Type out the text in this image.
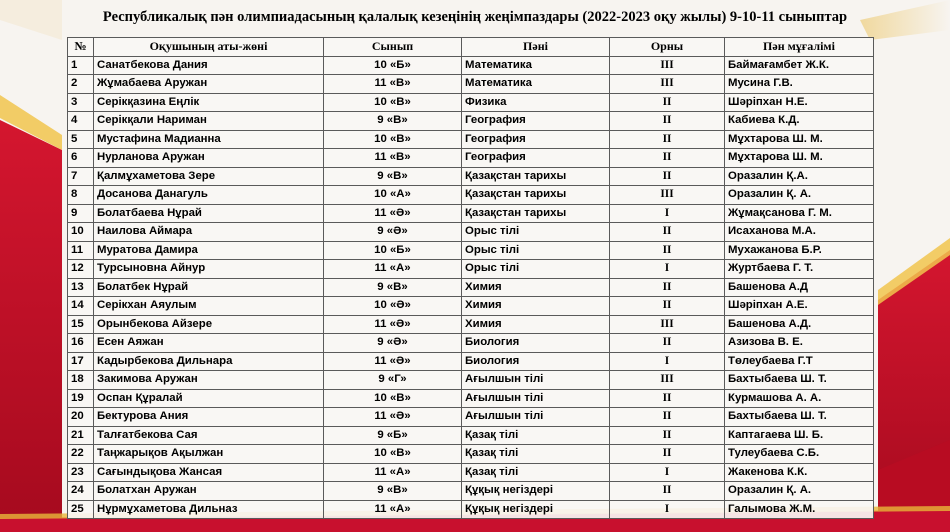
Республикалық пән олимпиадасының қалалық кезеңінің жеңімпаздары (2022-2023 оқу жылы) 9-10-11 сыныптар
№	Оқушының аты-жөні	Сынып	Пәні	Орны	Пән мұғалімі
1	Санатбекова Дания	10 «Б»	Математика	III	Баймағамбет Ж.К.
2	Жұмабаева Аружан	11 «В»	Математика	III	Мусина Г.В.
3	Серікқазина Еңлік	10 «В»	Физика	II	Шәріпхан Н.Е.
4	Серікқали Нариман	9 «В»	География	II	Кабиева К.Д.
5	Мустафина Мадианна	10 «В»	География	II	Мұхтарова Ш. М.
6	Нурланова Аружан	11 «В»	География	II	Мұхтарова Ш. М.
7	Қалмұхаметова Зере	9 «В»	Қазақстан тарихы	II	Оразалин Қ.А.
8	Досанова Данагуль	10 «А»	Қазақстан тарихы	III	Оразалин Қ. А.
9	Болатбаева Нұрай	11 «Ә»	Қазақстан тарихы	I	Жұмақсанова Г. М.
10	Наилова Аймара	9 «Ә»	Орыс тілі	II	Исаханова М.А.
11	Муратова Дамира	10 «Б»	Орыс тілі	II	Мухажанова Б.Р.
12	Турсыновна Айнур	11 «А»	Орыс тілі	I	Журтбаева Г. Т.
13	Болатбек Нұрай	9 «В»	Химия	II	Башенова А.Д
14	Серікхан Аяулым	10 «Ә»	Химия	II	Шәріпхан А.Е.
15	Орынбекова Айзере	11 «Ә»	Химия	III	Башенова А.Д.
16	Есен Аяжан	9 «Ә»	Биология	II	Азизова В. Е.
17	Кадырбекова Дильнара	11 «Ә»	Биология	I	Төлеубаева Г.Т
18	Закимова Аружан	9 «Г»	Ағылшын тілі	III	Бахтыбаева Ш. Т.
19	Оспан Құралай	10 «В»	Ағылшын тілі	II	Курмашова А. А.
20	Бектурова Ания	11 «Ә»	Ағылшын тілі	II	Бахтыбаева Ш. Т.
21	Талғатбекова Сая	9 «Б»	Қазақ тілі	II	Каптагаева Ш. Б.
22	Таңжарықов Ақылжан	10 «В»	Қазақ тілі	II	Тулеубаева С.Б.
23	Сағындықова Жансая	11 «А»	Қазақ тілі	I	Жакенова К.К.
24	Болатхан Аружан	9 «В»	Құқық негіздері	II	Оразалин Қ. А.
25	Нұрмұхаметова Дильназ	11 «А»	Құқық негіздері	I	Галымова Ж.М.
